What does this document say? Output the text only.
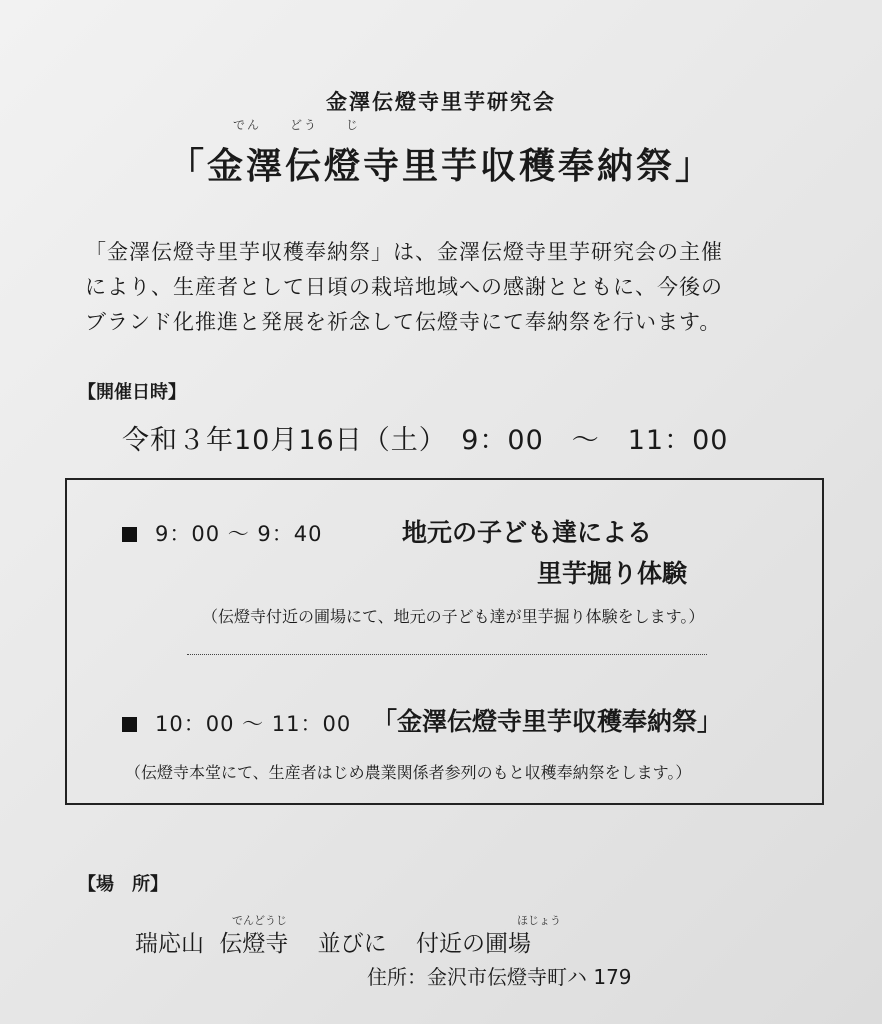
金澤伝燈寺里芋研究会
でん どう じ
「金澤伝燈寺里芋収穫奉納祭」

「金澤伝燈寺里芋収穫奉納祭」は、金澤伝燈寺里芋研究会の主催

により、生産者として日頃の栽培地域への感謝とともに、今後の

ブランド化推進と発展を祈念して伝燈寺にて奉納祭を行います。

【開催日時】
令和３年10月16日（土）　9：00　～　11：00
9：00 ～ 9：40	地元の子ども達による
里芋掘り体験
（伝燈寺付近の圃場にて、地元の子ども達が里芋掘り体験をします。）
10：00 ～ 11：00 「金澤伝燈寺里芋収穫奉納祭」
（伝燈寺本堂にて、生産者はじめ農業関係者参列のもと収穫奉納祭をします。）
【場　所】
でんどうじ	ほじょう
瑞応山 伝燈寺 並びに 付近の圃場
住所：金沢市伝燈寺町ハ 179
